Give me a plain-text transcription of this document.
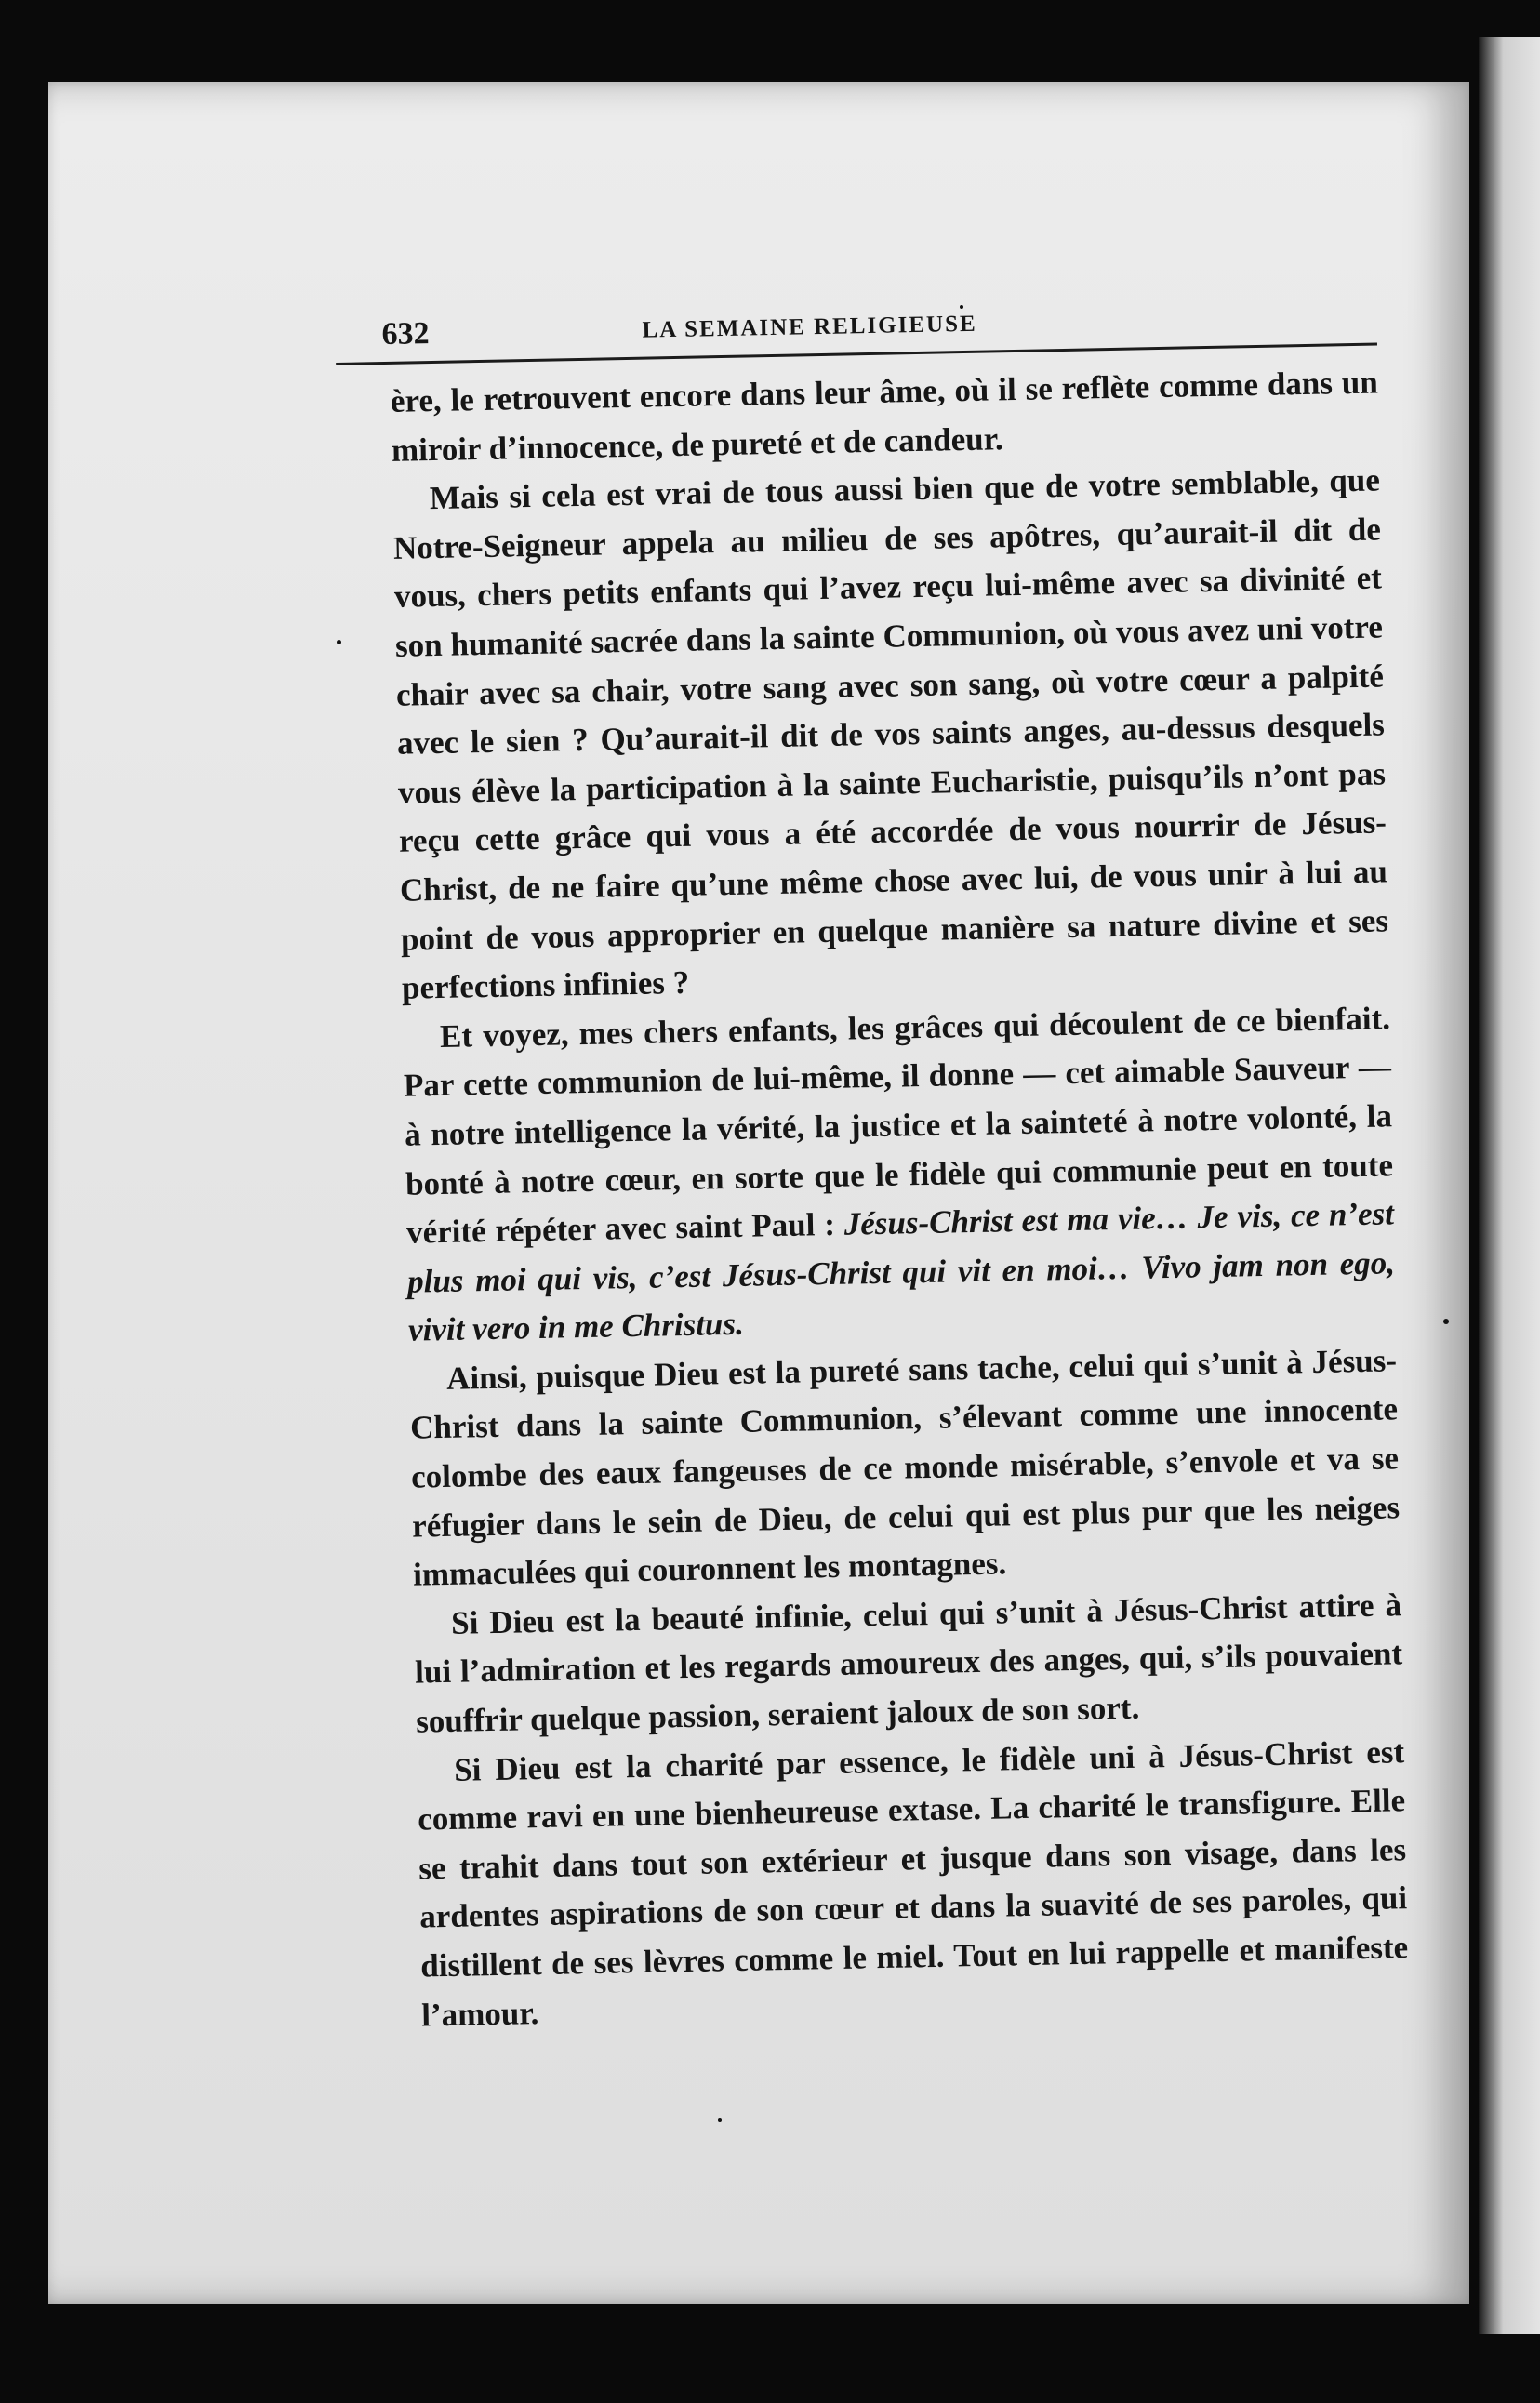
632	LA SEMAINE RELIGIEUSE

ère, le retrouvent encore dans leur âme, où il se reflète comme dans un miroir d’innocence, de pureté et de candeur.

Mais si cela est vrai de tous aussi bien que de votre semblable, que Notre-Seigneur appela au milieu de ses apôtres, qu’aurait-il dit de vous, chers petits enfants qui l’avez reçu lui-même avec sa divinité et son humanité sacrée dans la sainte Communion, où vous avez uni votre chair avec sa chair, votre sang avec son sang, où votre cœur a palpité avec le sien ? Qu’aurait-il dit de vos saints anges, au-dessus desquels vous élève la participation à la sainte Eucharistie, puisqu’ils n’ont pas reçu cette grâce qui vous a été accordée de vous nourrir de Jésus-Christ, de ne faire qu’une même chose avec lui, de vous unir à lui au point de vous approprier en quelque manière sa nature divine et ses perfections infinies ?

Et voyez, mes chers enfants, les grâces qui découlent de ce bienfait. Par cette communion de lui-même, il donne — cet aimable Sauveur — à notre intelligence la vérité, la justice et la sainteté à notre volonté, la bonté à notre cœur, en sorte que le fidèle qui communie peut en toute vérité répéter avec saint Paul : Jésus-Christ est ma vie… Je vis, ce n’est plus moi qui vis, c’est Jésus-Christ qui vit en moi… Vivo jam non ego, vivit vero in me Christus.

Ainsi, puisque Dieu est la pureté sans tache, celui qui s’unit à Jésus-Christ dans la sainte Communion, s’élevant comme une innocente colombe des eaux fangeuses de ce monde misérable, s’envole et va se réfugier dans le sein de Dieu, de celui qui est plus pur que les neiges immaculées qui couronnent les montagnes.

Si Dieu est la beauté infinie, celui qui s’unit à Jésus-Christ attire à lui l’admiration et les regards amoureux des anges, qui, s’ils pouvaient souffrir quelque passion, seraient jaloux de son sort.

Si Dieu est la charité par essence, le fidèle uni à Jésus-Christ est comme ravi en une bienheureuse extase. La charité le transfigure. Elle se trahit dans tout son extérieur et jusque dans son visage, dans les ardentes aspirations de son cœur et dans la suavité de ses paroles, qui distillent de ses lèvres comme le miel. Tout en lui rappelle et manifeste l’amour.
